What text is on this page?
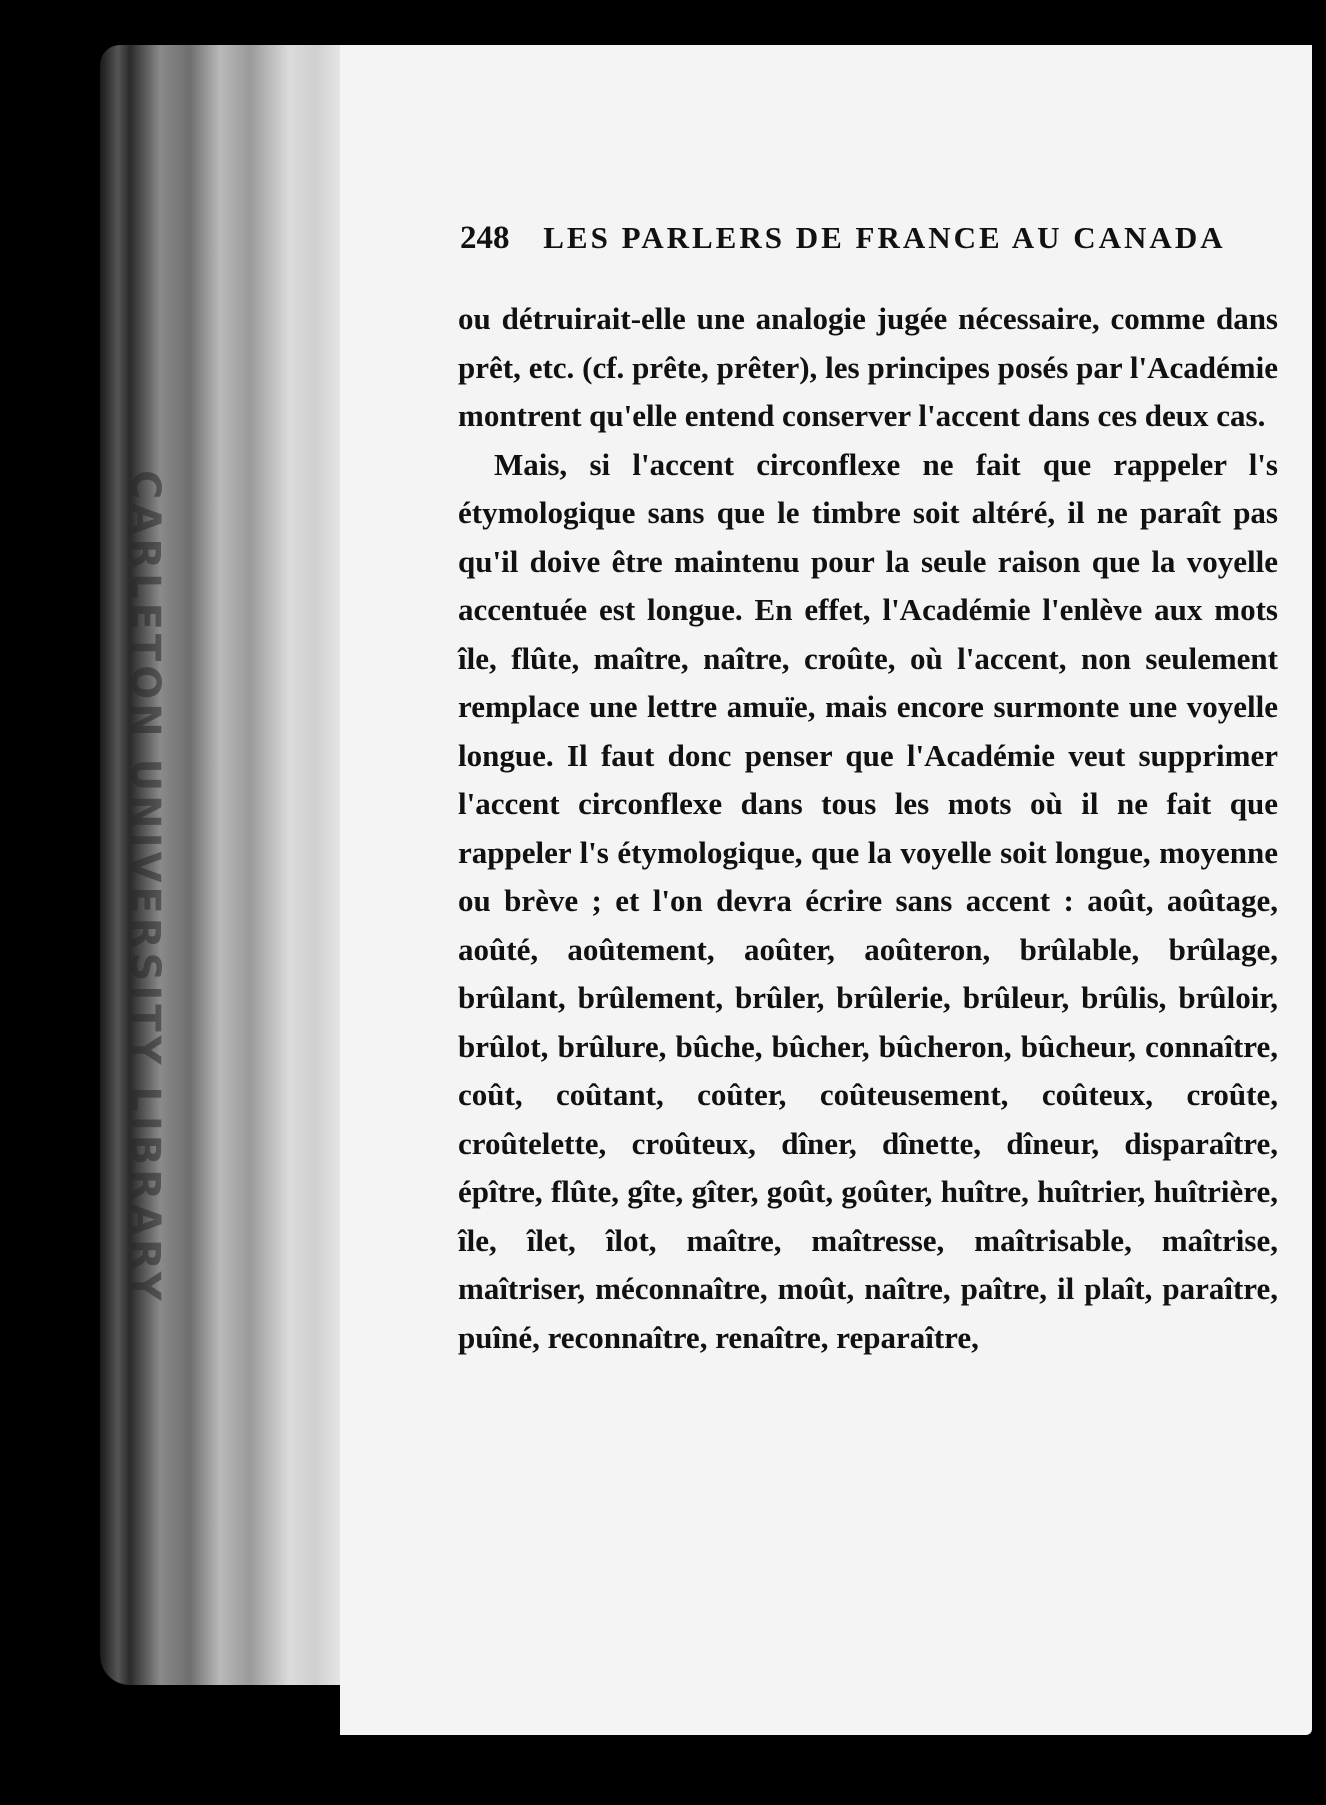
CARLETON UNIVERSITY LIBRARY
248 LES PARLERS DE FRANCE AU CANADA

ou détruirait-elle une analogie jugée nécessaire, comme dans prêt, etc. (cf. prête, prêter), les principes posés par l'Académie montrent qu'elle entend conserver l'accent dans ces deux cas.

Mais, si l'accent circonflexe ne fait que rappeler l's étymologique sans que le timbre soit altéré, il ne paraît pas qu'il doive être maintenu pour la seule raison que la voyelle accentuée est longue. En effet, l'Académie l'enlève aux mots île, flûte, maître, naître, croûte, où l'accent, non seulement remplace une lettre amuïe, mais encore surmonte une voyelle longue. Il faut donc penser que l'Académie veut supprimer l'accent circonflexe dans tous les mots où il ne fait que rappeler l's étymologique, que la voyelle soit longue, moyenne ou brève ; et l'on devra écrire sans accent : août, aoûtage, aoûté, aoûtement, aoûter, aoûteron, brûlable, brûlage, brûlant, brûlement, brûler, brûlerie, brûleur, brûlis, brûloir, brûlot, brûlure, bûche, bûcher, bûcheron, bûcheur, connaître, coût, coûtant, coûter, coûteusement, coûteux, croûte, croûtelette, croûteux, dîner, dînette, dîneur, disparaître, épître, flûte, gîte, gîter, goût, goûter, huître, huîtrier, huîtrière, île, îlet, îlot, maître, maîtresse, maîtrisable, maîtrise, maîtriser, méconnaître, moût, naître, paître, il plaît, paraître, puîné, reconnaître, renaître, reparaître,
